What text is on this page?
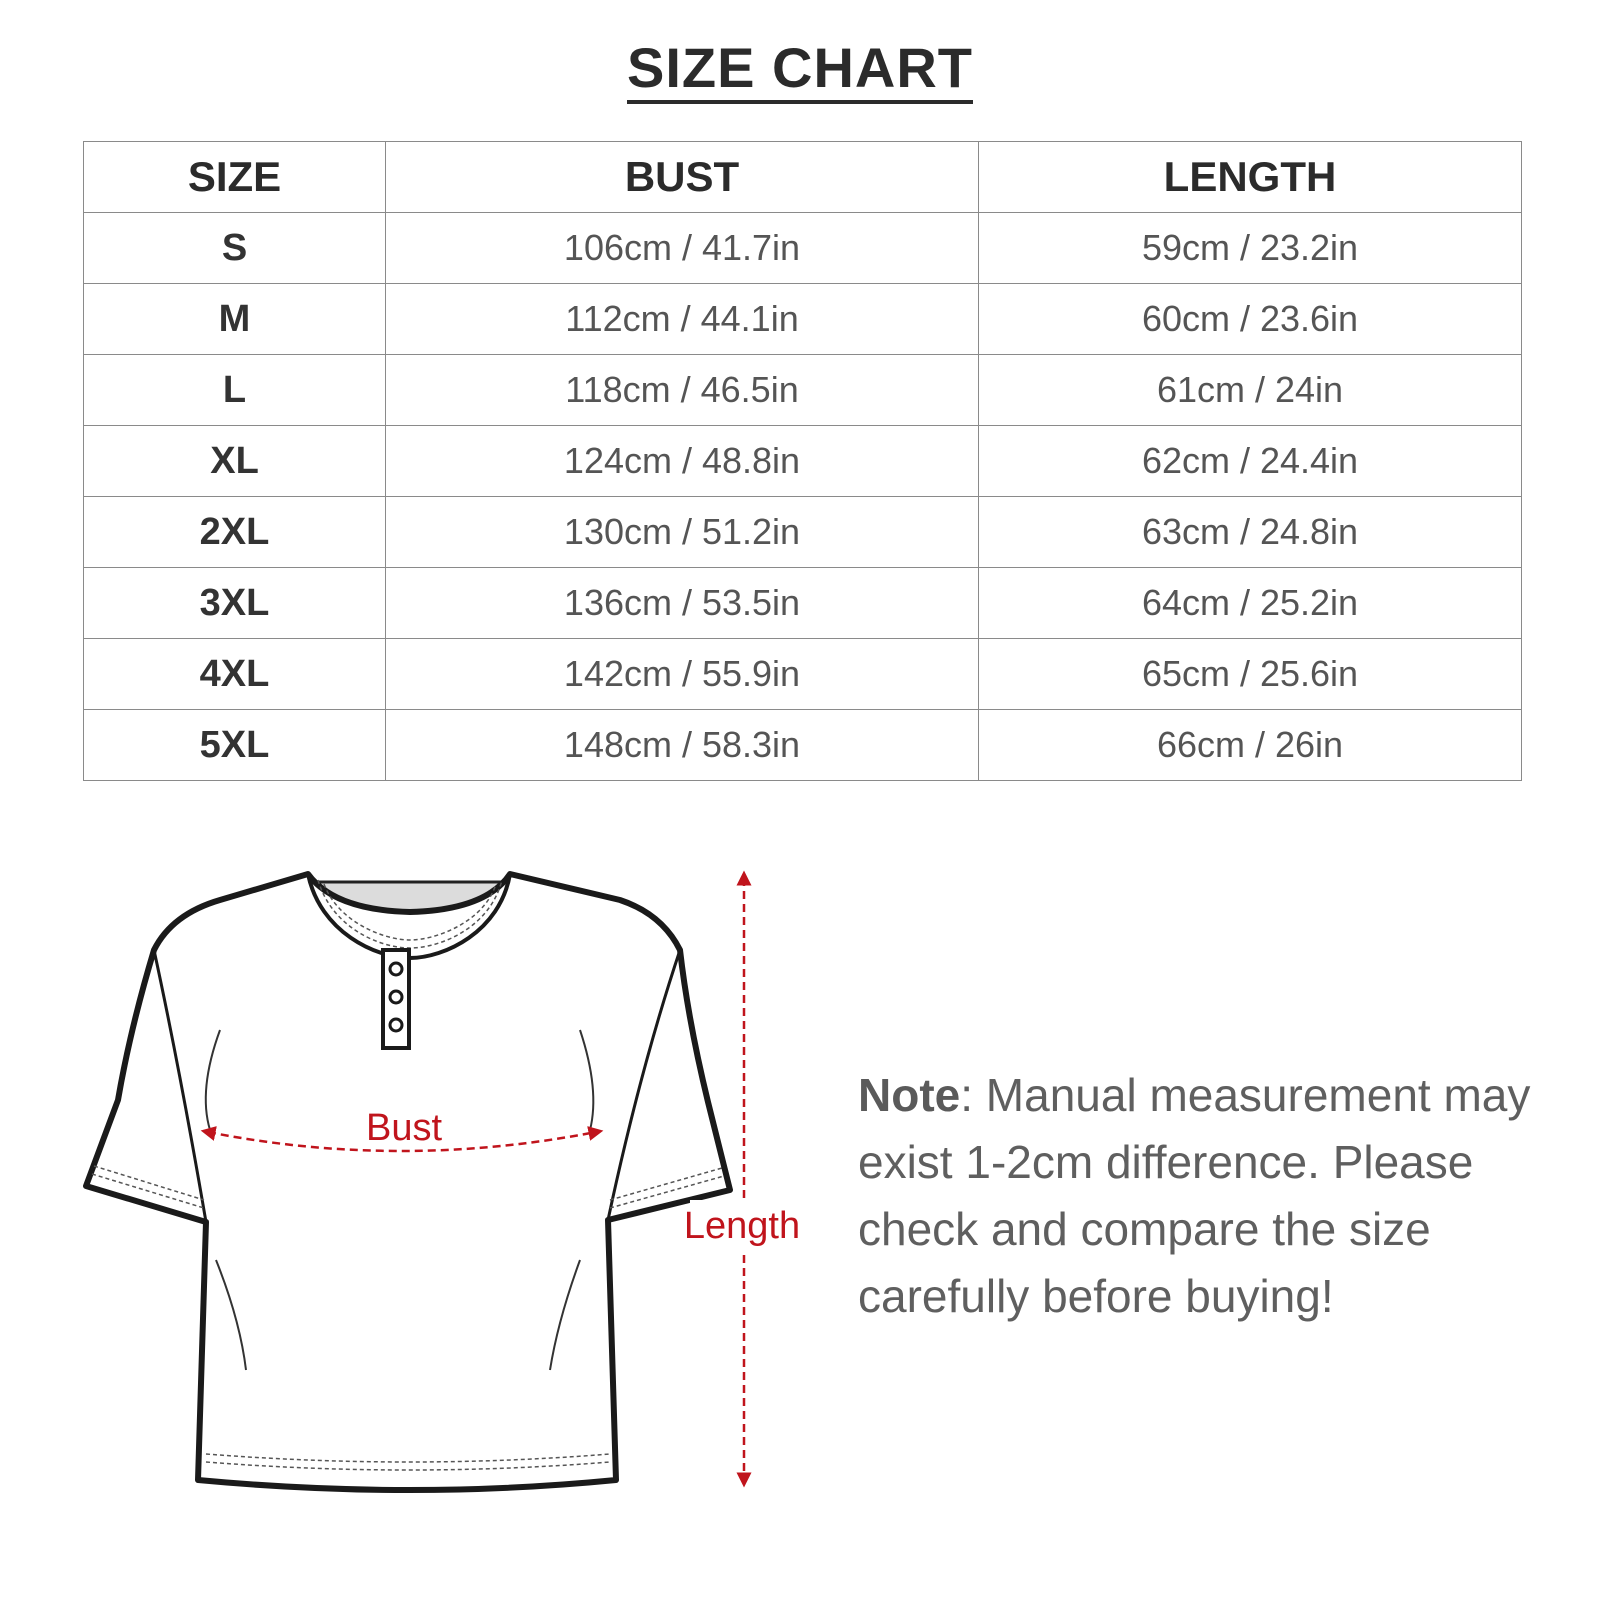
SIZE CHART
SIZE	BUST	LENGTH
S	106cm / 41.7in	59cm / 23.2in
M	112cm / 44.1in	60cm / 23.6in
L	118cm / 46.5in	61cm / 24in
XL	124cm / 48.8in	62cm / 24.4in
2XL	130cm / 51.2in	63cm / 24.8in
3XL	136cm / 53.5in	64cm / 25.2in
4XL	142cm / 55.9in	65cm / 25.6in
5XL	148cm / 58.3in	66cm / 26in
Bust
Length

Note: Manual measurement may exist 1-2cm difference. Please check and compare the size carefully before buying!
